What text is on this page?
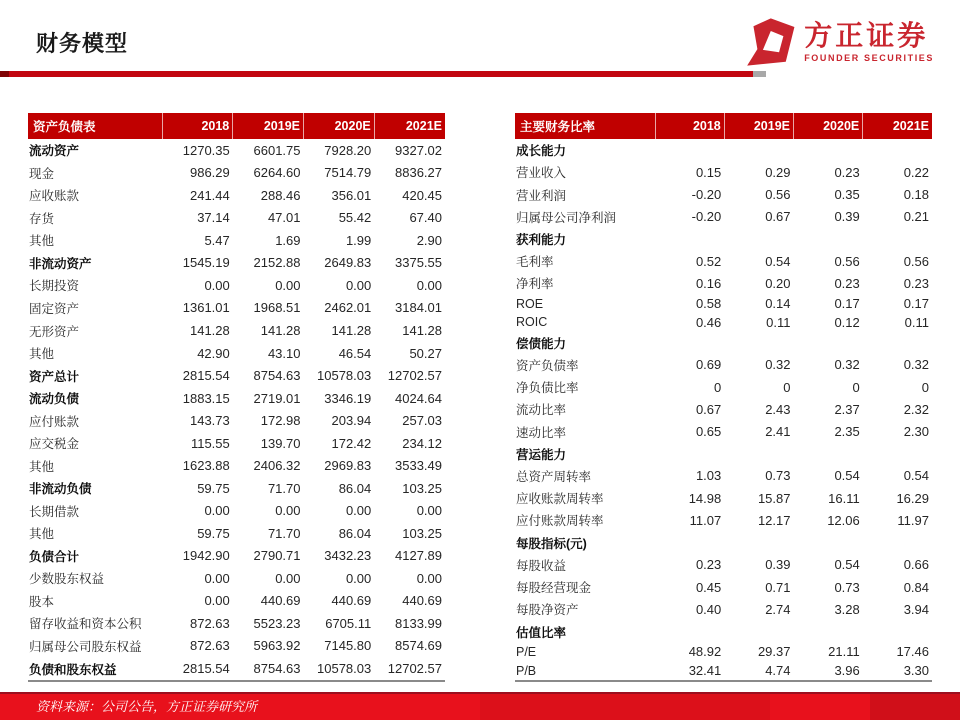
财务模型	方正证券
FOUNDER SECURITIES
资产负债表	2018	2019E	2020E	2021E
流动资产	1270.35	6601.75	7928.20	9327.02
现金	986.29	6264.60	7514.79	8836.27
应收账款	241.44	288.46	356.01	420.45
存货	37.14	47.01	55.42	67.40
其他	5.47	1.69	1.99	2.90
非流动资产	1545.19	2152.88	2649.83	3375.55
长期投资	0.00	0.00	0.00	0.00
固定资产	1361.01	1968.51	2462.01	3184.01
无形资产	141.28	141.28	141.28	141.28
其他	42.90	43.10	46.54	50.27
资产总计	2815.54	8754.63	10578.03	12702.57
流动负债	1883.15	2719.01	3346.19	4024.64
应付账款	143.73	172.98	203.94	257.03
应交税金	115.55	139.70	172.42	234.12
其他	1623.88	2406.32	2969.83	3533.49
非流动负债	59.75	71.70	86.04	103.25
长期借款	0.00	0.00	0.00	0.00
其他	59.75	71.70	86.04	103.25
负债合计	1942.90	2790.71	3432.23	4127.89
少数股东权益	0.00	0.00	0.00	0.00
股本	0.00	440.69	440.69	440.69
留存收益和资本公积	872.63	5523.23	6705.11	8133.99
归属母公司股东权益	872.63	5963.92	7145.80	8574.69
负债和股东权益	2815.54	8754.63	10578.03	12702.57
主要财务比率	2018	2019E	2020E	2021E
成长能力				
营业收入	0.15	0.29	0.23	0.22
营业利润	-0.20	0.56	0.35	0.18
归属母公司净利润	-0.20	0.67	0.39	0.21
获利能力				
毛利率	0.52	0.54	0.56	0.56
净利率	0.16	0.20	0.23	0.23
ROE	0.58	0.14	0.17	0.17
ROIC	0.46	0.11	0.12	0.11
偿债能力				
资产负债率	0.69	0.32	0.32	0.32
净负债比率	0	0	0	0
流动比率	0.67	2.43	2.37	2.32
速动比率	0.65	2.41	2.35	2.30
营运能力				
总资产周转率	1.03	0.73	0.54	0.54
应收账款周转率	14.98	15.87	16.11	16.29
应付账款周转率	11.07	12.17	12.06	11.97
每股指标(元)				
每股收益	0.23	0.39	0.54	0.66
每股经营现金	0.45	0.71	0.73	0.84
每股净资产	0.40	2.74	3.28	3.94
估值比率				
P/E	48.92	29.37	21.11	17.46
P/B	32.41	4.74	3.96	3.30
资料来源：公司公告，方正证券研究所
